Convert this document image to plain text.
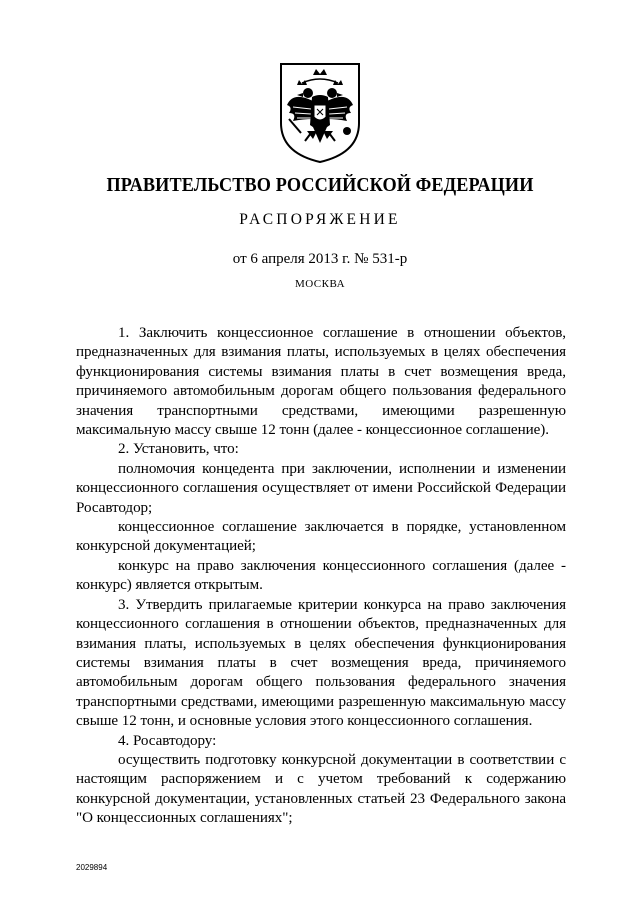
ПРАВИТЕЛЬСТВО РОССИЙСКОЙ ФЕДЕРАЦИИ
РАСПОРЯЖЕНИЕ
от 6 апреля 2013 г. № 531-р
МОСКВА

1. Заключить концессионное соглашение в отношении объектов, предназначенных для взимания платы, используемых в целях обеспечения функционирования системы взимания платы в счет возмещения вреда, причиняемого автомобильным дорогам общего пользования федерального значения транспортными средствами, имеющими разрешенную максимальную массу свыше 12 тонн (далее - концессионное соглашение).

2. Установить, что:

полномочия концедента при заключении, исполнении и изменении концессионного соглашения осуществляет от имени Российской Федерации Росавтодор;

концессионное соглашение заключается в порядке, установленном конкурсной документацией;

конкурс на право заключения концессионного соглашения (далее - конкурс) является открытым.

3. Утвердить прилагаемые критерии конкурса на право заключения концессионного соглашения в отношении объектов, предназначенных для взимания платы, используемых в целях обеспечения функционирования системы взимания платы в счет возмещения вреда, причиняемого автомобильным дорогам общего пользования федерального значения транспортными средствами, имеющими разрешенную максимальную массу свыше 12 тонн, и основные условия этого концессионного соглашения.

4. Росавтодору:

осуществить подготовку конкурсной документации в соответствии с настоящим распоряжением и с учетом требований к содержанию конкурсной документации, установленных статьей 23 Федерального закона "О концессионных соглашениях";

2029894
